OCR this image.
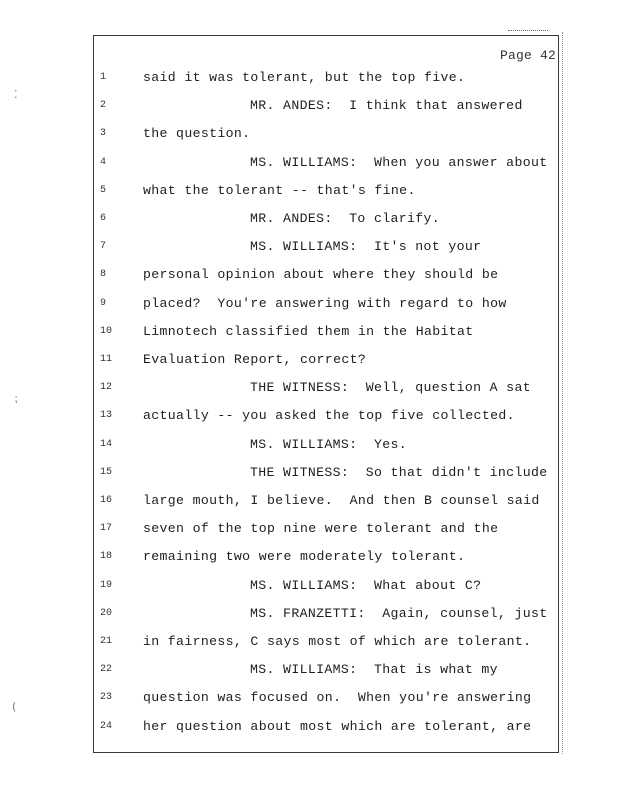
Page 42
1	said it was tolerant, but the top five.
2	MR. ANDES:  I think that answered
3	the question.
4	MS. WILLIAMS:  When you answer about
5	what the tolerant -- that's fine.
6	MR. ANDES:  To clarify.
7	MS. WILLIAMS:  It's not your
8	personal opinion about where they should be
9	placed?  You're answering with regard to how
10	Limnotech classified them in the Habitat
11	Evaluation Report, correct?
12	THE WITNESS:  Well, question A sat
13	actually -- you asked the top five collected.
14	MS. WILLIAMS:  Yes.
15	THE WITNESS:  So that didn't include
16	large mouth, I believe.  And then B counsel said
17	seven of the top nine were tolerant and the
18	remaining two were moderately tolerant.
19	MS. WILLIAMS:  What about C?
20	MS. FRANZETTI:  Again, counsel, just
21	in fairness, C says most of which are tolerant.
22	MS. WILLIAMS:  That is what my
23	question was focused on.  When you're answering
24	her question about most which are tolerant, are
⁚
⁏
(
